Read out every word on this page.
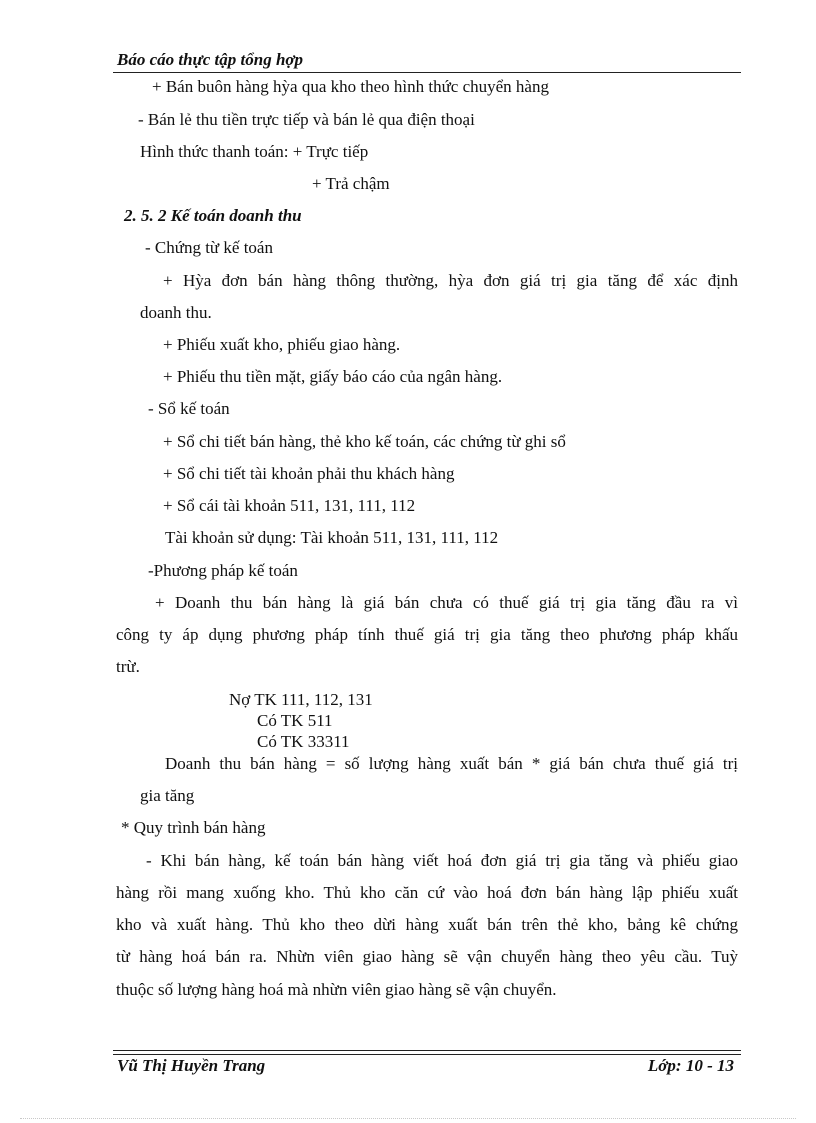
Báo cáo thực tập tổng hợp
+ Bán buôn hàng hỳa qua kho theo hình thức chuyển hàng
- Bán lẻ thu tiền trực tiếp và bán lẻ qua điện thoại
Hình thức thanh toán: + Trực tiếp
+ Trả chậm
2. 5. 2 Kế toán doanh thu
- Chứng từ kế toán
+ Hỳa đơn bán hàng thông thường, hỳa đơn giá trị gia tăng để xác định
doanh thu.
+ Phiếu xuất kho, phiếu giao hàng.
+ Phiếu thu tiền mặt, giấy báo cáo của ngân hàng.
- Sổ kế toán
+ Sổ chi tiết bán hàng, thẻ kho kế toán, các chứng từ ghi sổ
+ Sổ chi tiết tài khoản phải thu khách hàng
+ Sổ cái tài khoản 511, 131, 111, 112
Tài khoản sử dụng: Tài khoản 511, 131, 111, 112
-Phương pháp kế toán
+ Doanh thu bán hàng là giá bán chưa có thuế giá trị gia tăng đầu ra vì
công ty áp dụng phương pháp tính thuế giá trị gia tăng theo phương pháp khấu
trừ.
Nợ TK 111, 112, 131
Có TK 511
Có TK 33311
Doanh thu bán hàng = số lượng hàng xuất bán * giá bán chưa thuế giá trị
gia tăng
* Quy trình bán hàng
- Khi bán hàng, kế toán bán hàng viết hoá đơn giá trị gia tăng và phiếu giao
hàng rồi mang xuống kho. Thủ kho căn cứ vào hoá đơn bán hàng lập phiếu xuất
kho và xuất hàng. Thủ kho theo dừi hàng xuất bán trên thẻ kho, bảng kê chứng
từ hàng hoá bán ra. Nhừn viên giao hàng sẽ vận chuyển hàng theo yêu cầu. Tuỳ
thuộc số lượng hàng hoá mà nhừn viên giao hàng sẽ vận chuyển.
Vũ Thị Huyền Trang	Lớp: 10 - 13
